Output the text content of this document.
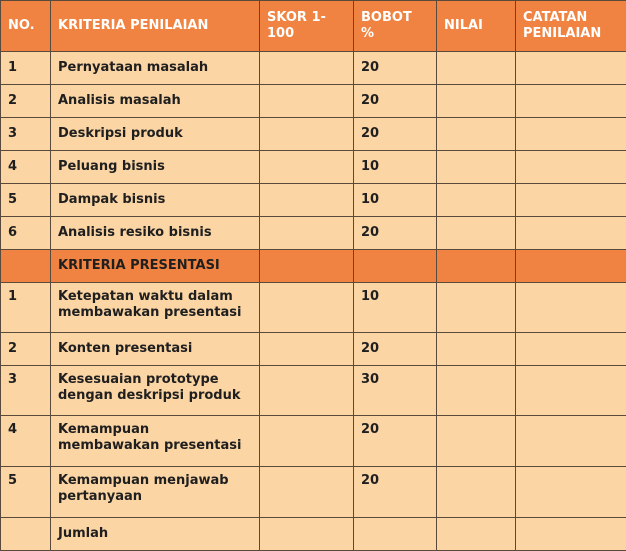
NO.	KRITERIA PENILAIAN	SKOR 1-100	BOBOT %	NILAI	CATATAN PENILAIAN
1	Pernyataan masalah		20		
2	Analisis masalah		20		
3	Deskripsi produk		20		
4	Peluang bisnis		10		
5	Dampak bisnis		10		
6	Analisis resiko bisnis		20		
	KRITERIA PRESENTASI				
1	Ketepatan waktu dalam membawakan presentasi		10		
2	Konten presentasi		20		
3	Kesesuaian prototype dengan deskripsi produk		30		
4	Kemampuan membawakan presentasi		20		
5	Kemampuan menjawab pertanyaan		20		
	Jumlah				
